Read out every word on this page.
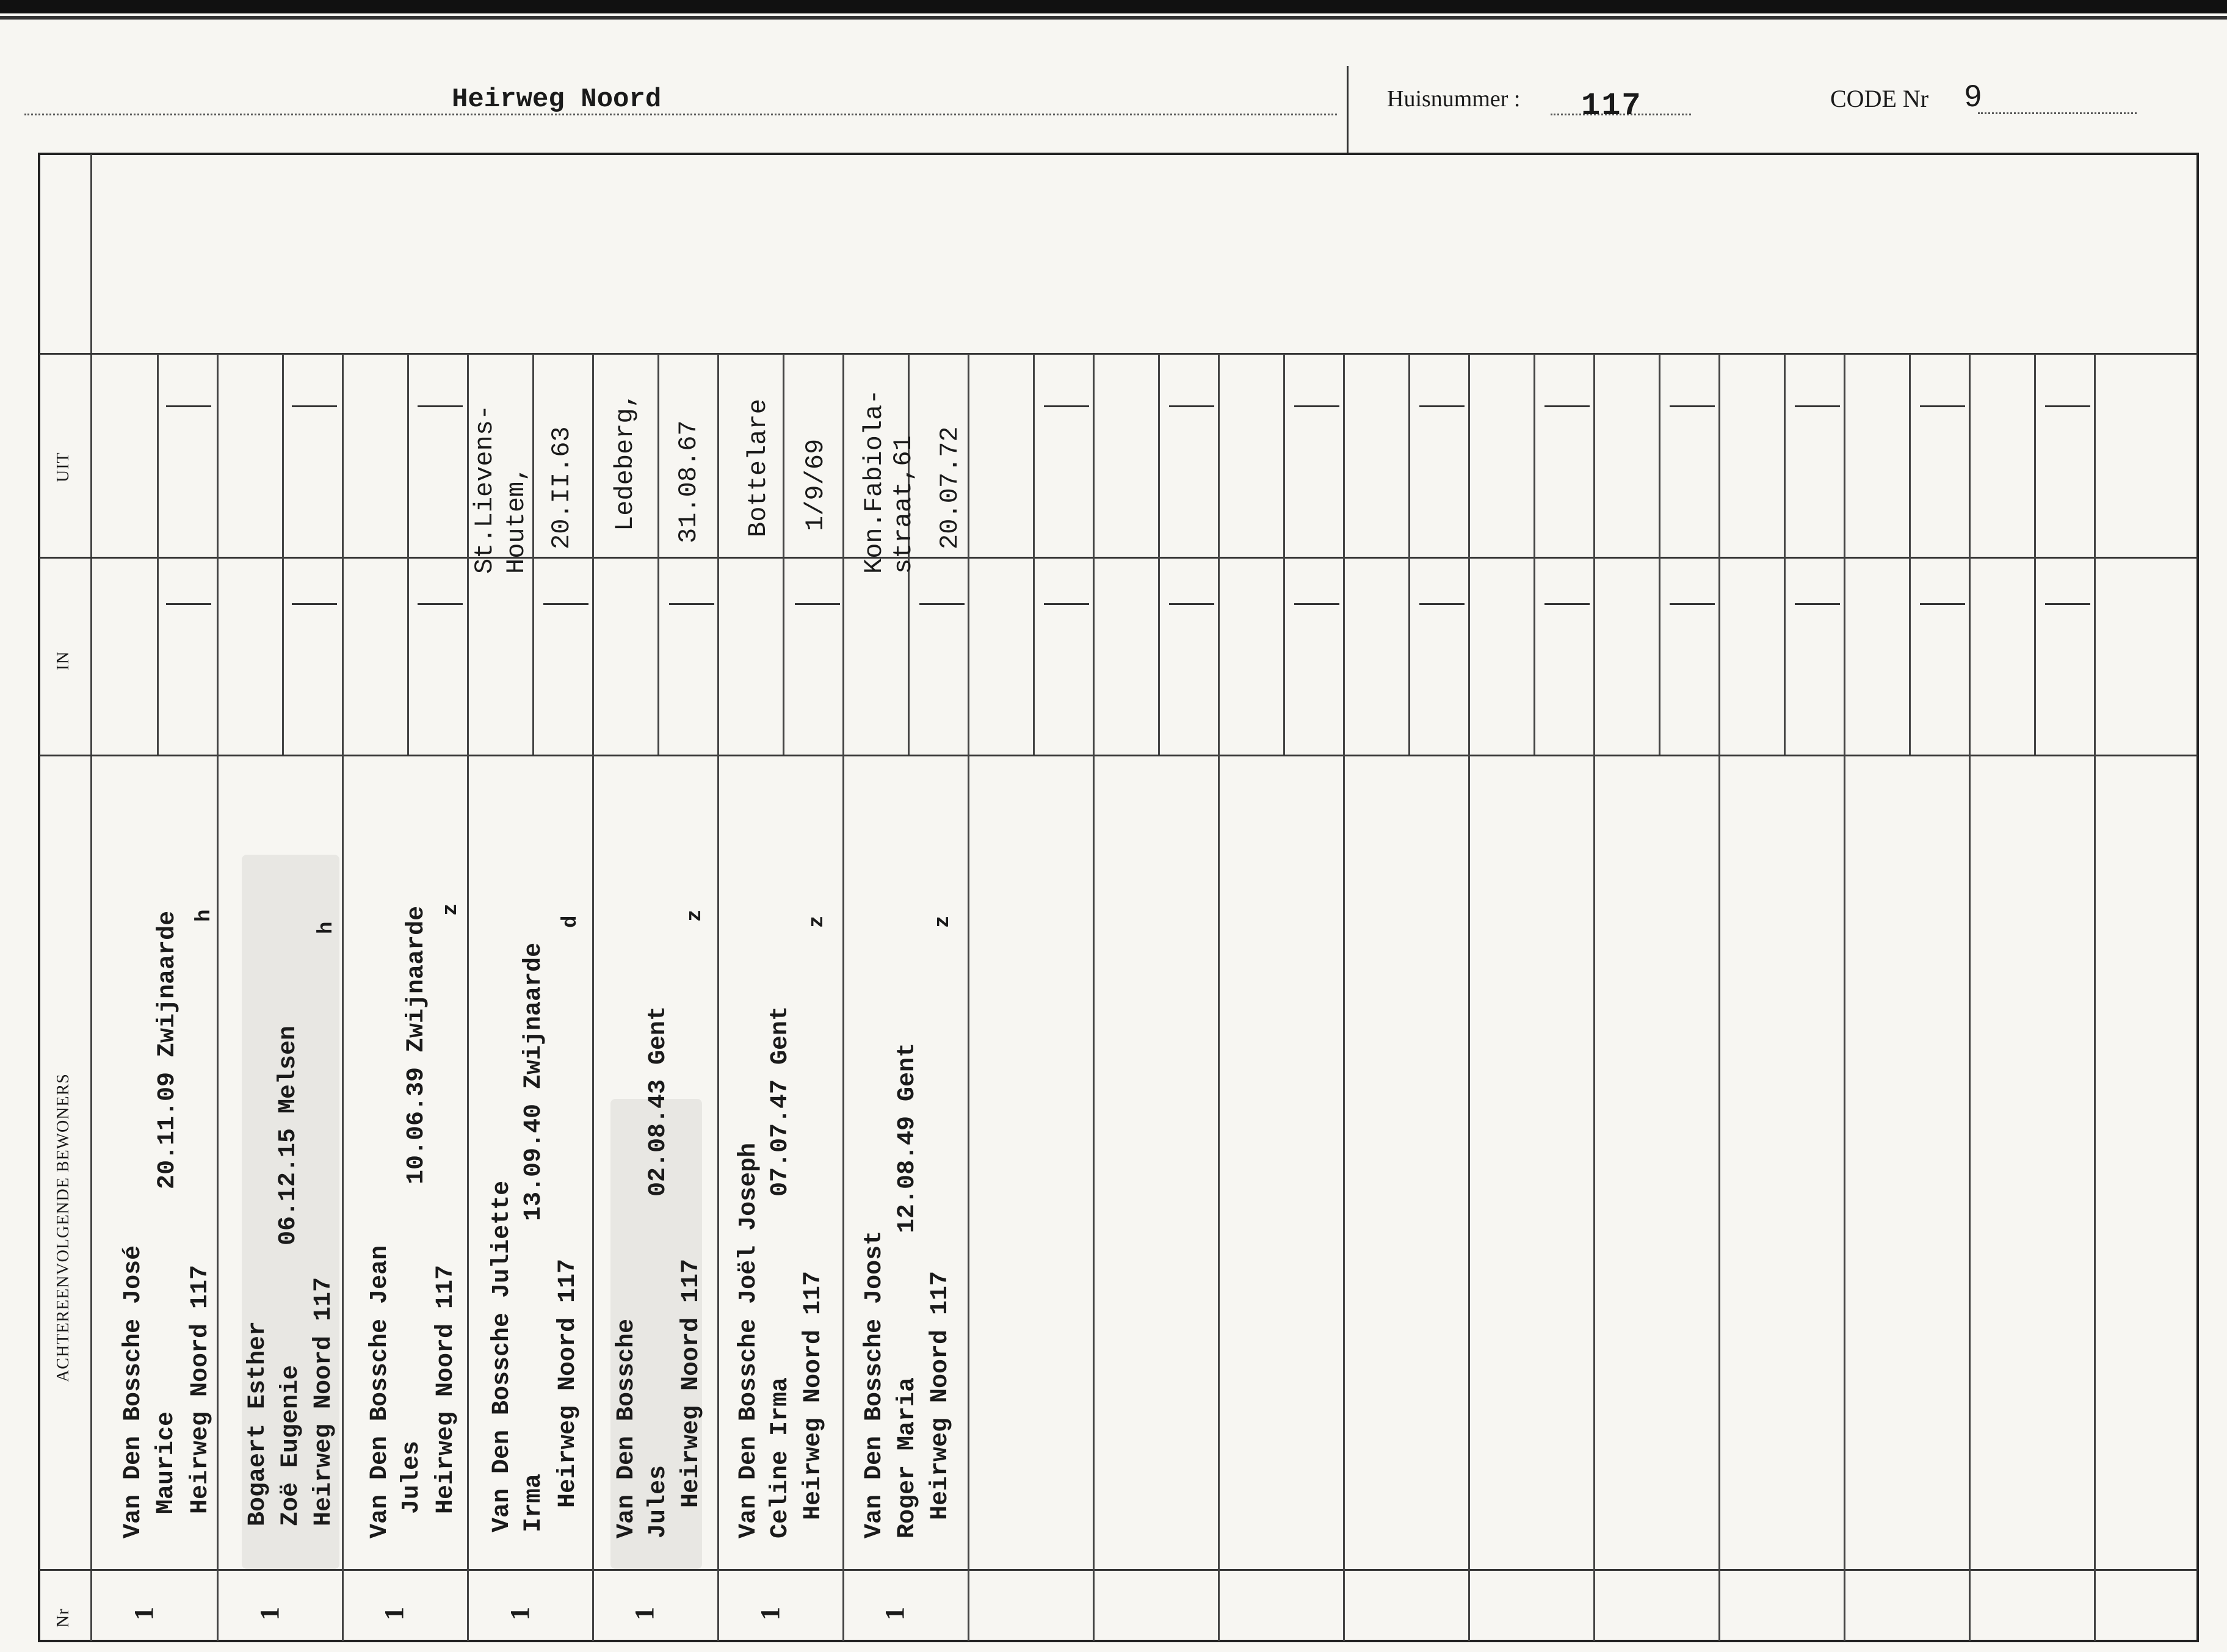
Heirweg Noord	Huisnummer : 117	CODE Nr 9
UIT
IN
ACHTEREENVOLGENDE BEWONERS
Nr
Van Den Bossche José
20.11.09 Zwijnaarde
Maurice Heirweg Noord 117
h
1
Bogaert Esther
06.12.15 Melsen
Zoë Eugenie Heirweg Noord 117
h
1
Van Den Bossche Jean
10.06.39 Zwijnaarde
Jules Heirweg Noord 117
z
1
St.Lievens- Houtem, 20.II.63
Van Den Bossche Juliette
13.09.40 Zwijnaarde
Irma Heirweg Noord 117
d
1
Ledeberg, 31.08.67
Van Den Bossche
02.08.43 Gent
Jules Heirweg Noord 117
z
1
Bottelare 1/9/69
Van Den Bossche Joël Joseph
07.07.47 Gent
Celine Irma Heirweg Noord 117
z
1
Kon.Fabiola- straat,61 20.07.72
Van Den Bossche Joost
12.08.49 Gent
Roger Maria Heirweg Noord 117
z
1
